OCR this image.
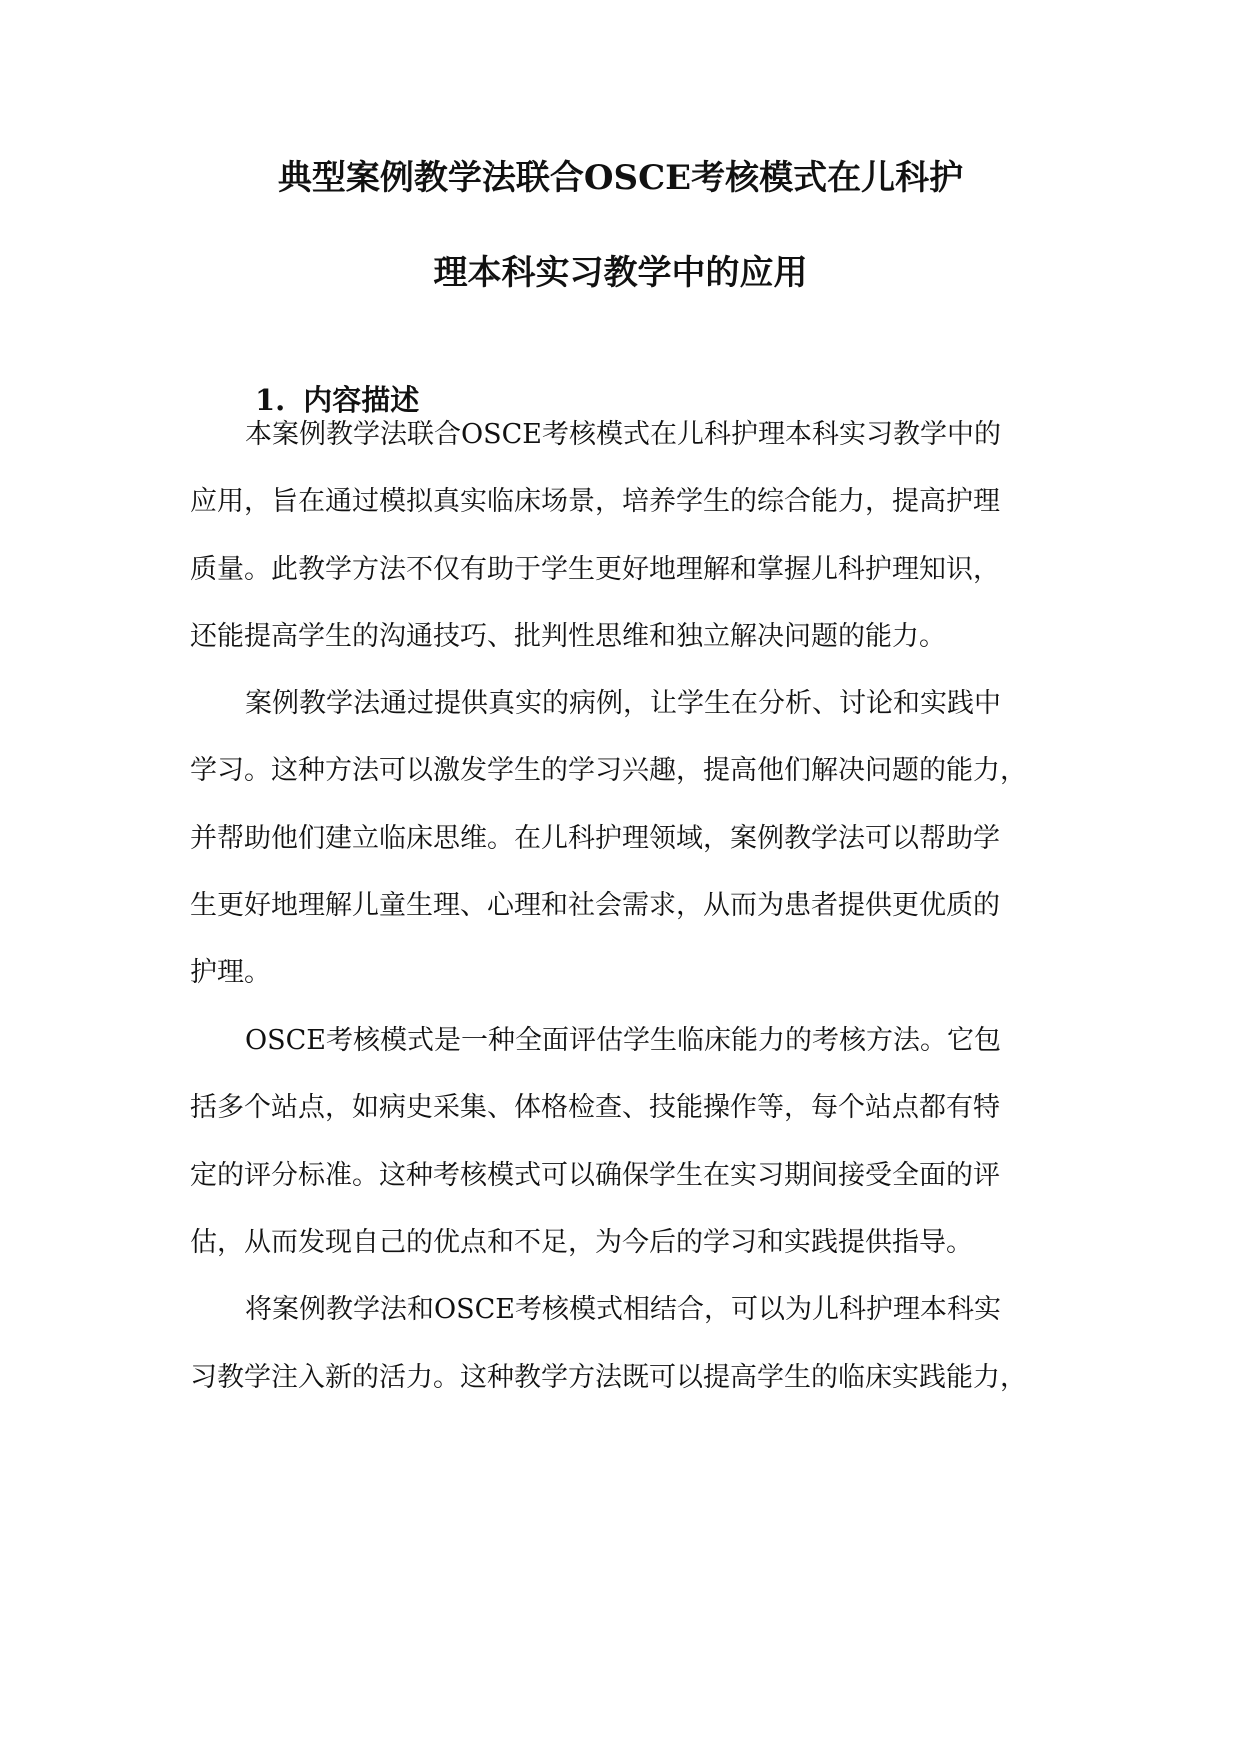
典型案例教学法联合OSCE考核模式在儿科护
理本科实习教学中的应用
1. 内容描述
本案例教学法联合OSCE考核模式在儿科护理本科实习教学中的
应用，旨在通过模拟真实临床场景，培养学生的综合能力，提高护理
质量。此教学方法不仅有助于学生更好地理解和掌握儿科护理知识，
还能提高学生的沟通技巧、批判性思维和独立解决问题的能力。
案例教学法通过提供真实的病例，让学生在分析、讨论和实践中
学习。这种方法可以激发学生的学习兴趣，提高他们解决问题的能力，
并帮助他们建立临床思维。在儿科护理领域，案例教学法可以帮助学
生更好地理解儿童生理、心理和社会需求，从而为患者提供更优质的
护理。
OSCE考核模式是一种全面评估学生临床能力的考核方法。它包
括多个站点，如病史采集、体格检查、技能操作等，每个站点都有特
定的评分标准。这种考核模式可以确保学生在实习期间接受全面的评
估，从而发现自己的优点和不足，为今后的学习和实践提供指导。
将案例教学法和OSCE考核模式相结合，可以为儿科护理本科实
习教学注入新的活力。这种教学方法既可以提高学生的临床实践能力，
